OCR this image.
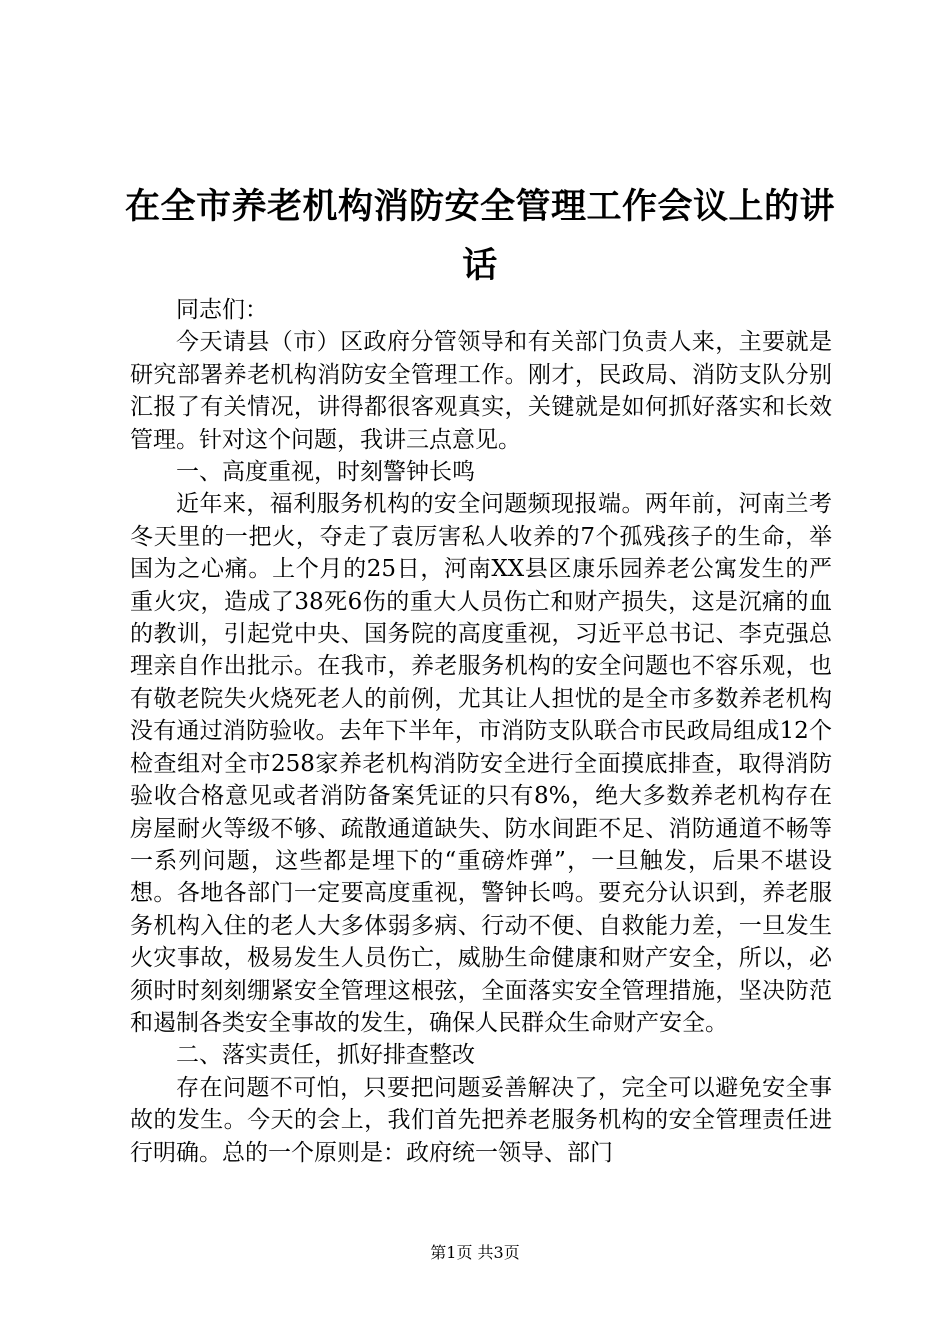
在全市养老机构消防安全管理工作会议上的讲话

同志们：

今天请县（市）区政府分管领导和有关部门负责人来，主要就是研究部署养老机构消防安全管理工作。刚才，民政局、消防支队分别汇报了有关情况，讲得都很客观真实，关键就是如何抓好落实和长效管理。针对这个问题，我讲三点意见。

一、高度重视，时刻警钟长鸣

近年来，福利服务机构的安全问题频现报端。两年前，河南兰考冬天里的一把火，夺走了袁厉害私人收养的7个孤残孩子的生命，举国为之心痛。上个月的25日，河南XX县区康乐园养老公寓发生的严重火灾，造成了38死6伤的重大人员伤亡和财产损失，这是沉痛的血的教训，引起党中央、国务院的高度重视，习近平总书记、李克强总理亲自作出批示。在我市，养老服务机构的安全问题也不容乐观，也有敬老院失火烧死老人的前例，尤其让人担忧的是全市多数养老机构没有通过消防验收。去年下半年，市消防支队联合市民政局组成12个检查组对全市258家养老机构消防安全进行全面摸底排查，取得消防验收合格意见或者消防备案凭证的只有8%，绝大多数养老机构存在房屋耐火等级不够、疏散通道缺失、防水间距不足、消防通道不畅等一系列问题，这些都是埋下的“重磅炸弹”，一旦触发，后果不堪设想。各地各部门一定要高度重视，警钟长鸣。要充分认识到，养老服务机构入住的老人大多体弱多病、行动不便、自救能力差，一旦发生火灾事故，极易发生人员伤亡，威胁生命健康和财产安全，所以，必须时时刻刻绷紧安全管理这根弦，全面落实安全管理措施，坚决防范和遏制各类安全事故的发生，确保人民群众生命财产安全。

二、落实责任，抓好排查整改

存在问题不可怕，只要把问题妥善解决了，完全可以避免安全事故的发生。今天的会上，我们首先把养老服务机构的安全管理责任进行明确。总的一个原则是：政府统一领导、部门

第1页 共3页
